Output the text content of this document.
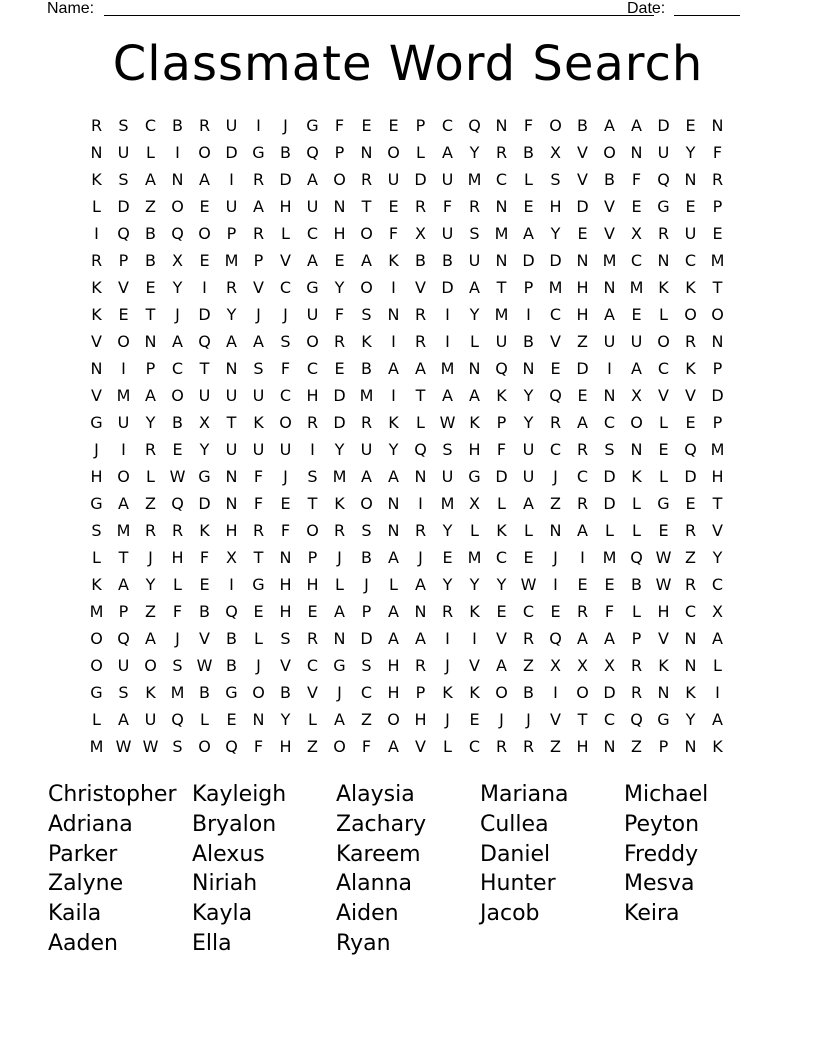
Name:	Date:
Classmate Word Search
R	S	C B R U	I	J	G	F	E	E	P	C Q N	F	O B	A	A D E N
N U	L	I	O D G B Q P	N O	L	A	Y	R B	X	V O N U	Y	F
K	S	A N A	I	R D A O R U D U M C	L	S	V	B	F	Q N R
L	D Z O E	U A H U N	T	E	R	F	R N E H D V	E G E	P
I	Q B Q O P	R	L	C H O	F	X U	S M A	Y	E	V	X R U	E
R	P	B	X	E M P	V	A	E	A	K	B	B U N D D N M C N C M
K	V	E	Y	I	R V C G Y O	I	V D A	T	P M H N M K	K	T
K	E	T	J	D Y	J	J	U	F	S N R	I	Y M	I	C H A	E	L	O O
V O N A Q A	A	S O R	K	I	R	I	L	U B	V	Z U U O R N
N	I	P	C	T	N S	F	C	E	B	A	A M N Q N E D	I	A C	K	P
V M A O U U U C H D M	I	T	A	A	K	Y Q E N X	V	V D
G U	Y	B	X	T	K O R D R	K	L W K	P	Y	R A C O	L	E	P
J	I	R	E	Y	U U U	I	Y	U	Y Q S H	F	U C R	S N E Q M
H O	L W G N	F	J	S M A	A N U G D U	J	C D K	L	D H
G A	Z Q D N	F	E	T	K O N	I	M X	L	A	Z R D	L	G E	T
S M R R	K H R	F	O R	S N R	Y	L	K	L	N A	L	L	E	R V
L	T	J	H	F	X	T	N	P	J	B	A	J	E M C	E	J	I	M Q W Z	Y
K	A	Y	L	E	I	G H H	L	J	L	A	Y	Y	Y W	I	E	E	B W R C
M P	Z	F	B Q E H E	A	P	A N R	K	E	C	E	R	F	L	H C X
O Q A	J	V	B	L	S	R N D A	A	I	I	V R Q A	A	P	V N A
O U O S W B	J	V C G S H R	J	V	A	Z	X	X	X R	K N	L
G S	K M B G O B	V	J	C H	P	K	K O B	I	O D R N K	I
L	A U Q	L	E N	Y	L	A	Z O H	J	E	J	J	V	T	C Q G Y	A
M W W S O Q	F	H Z O	F	A	V	L	C R R Z H N Z	P	N K
Christopher Kayleigh	Alaysia	Mariana	Michael
Adriana	Bryalon	Zachary	Cullea	Peyton
Parker	Alexus	Kareem	Daniel	Freddy
Zalyne	Niriah	Alanna	Hunter	Mesva
Kaila	Kayla	Aiden	Jacob	Keira
Aaden	Ella	Ryan
